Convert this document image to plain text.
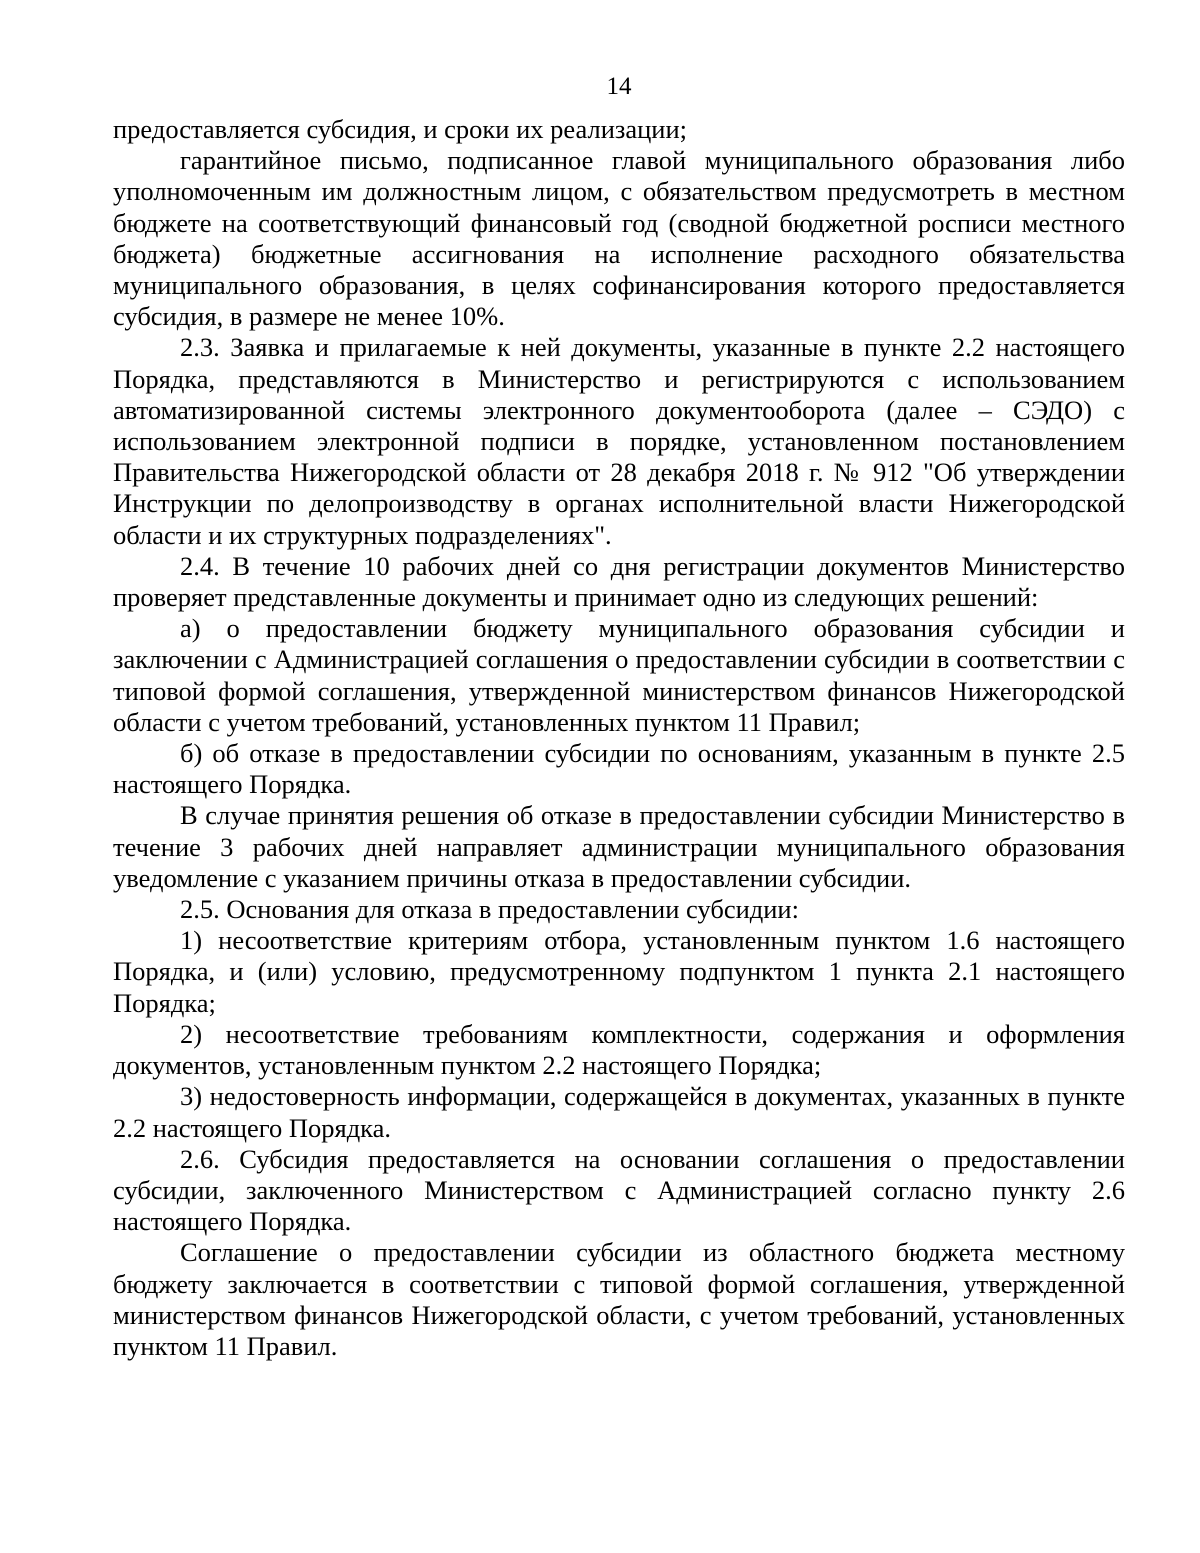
14

предоставляется субсидия, и сроки их реализации;

гарантийное письмо, подписанное главой муниципального образования либо уполномоченным им должностным лицом, с обязательством предусмотреть в местном бюджете на соответствующий финансовый год (сводной бюджетной росписи местного бюджета) бюджетные ассигнования на исполнение расходного обязательства муниципального образования, в целях софинансирования которого предоставляется субсидия, в размере не менее 10%.

2.3. Заявка и прилагаемые к ней документы, указанные в пункте 2.2 настоящего Порядка, представляются в Министерство и регистрируются с использованием автоматизированной системы электронного документооборота (далее – СЭДО) с использованием электронной подписи в порядке, установленном постановлением Правительства Нижегородской области от 28 декабря 2018 г. № 912 "Об утверждении Инструкции по делопроизводству в органах исполнительной власти Нижегородской области и их структурных подразделениях".

2.4. В течение 10 рабочих дней со дня регистрации документов Министерство проверяет представленные документы и принимает одно из следующих решений:

а) о предоставлении бюджету муниципального образования субсидии и заключении с Администрацией соглашения о предоставлении субсидии в соответствии с типовой формой соглашения, утвержденной министерством финансов Нижегородской области с учетом требований, установленных пунктом 11 Правил;

б) об отказе в предоставлении субсидии по основаниям, указанным в пункте 2.5 настоящего Порядка.

В случае принятия решения об отказе в предоставлении субсидии Министерство в течение 3 рабочих дней направляет администрации муниципального образования уведомление с указанием причины отказа в предоставлении субсидии.

2.5. Основания для отказа в предоставлении субсидии:

1) несоответствие критериям отбора, установленным пунктом 1.6 настоящего Порядка, и (или) условию, предусмотренному подпунктом 1 пункта 2.1 настоящего Порядка;

2) несоответствие требованиям комплектности, содержания и оформления документов, установленным пунктом 2.2 настоящего Порядка;

3) недостоверность информации, содержащейся в документах, указанных в пункте 2.2 настоящего Порядка.

2.6. Субсидия предоставляется на основании соглашения о предоставлении субсидии, заключенного Министерством с Администрацией согласно пункту 2.6 настоящего Порядка.

Соглашение о предоставлении субсидии из областного бюджета местному бюджету заключается в соответствии с типовой формой соглашения, утвержденной министерством финансов Нижегородской области, с учетом требований, установленных пунктом 11 Правил.
